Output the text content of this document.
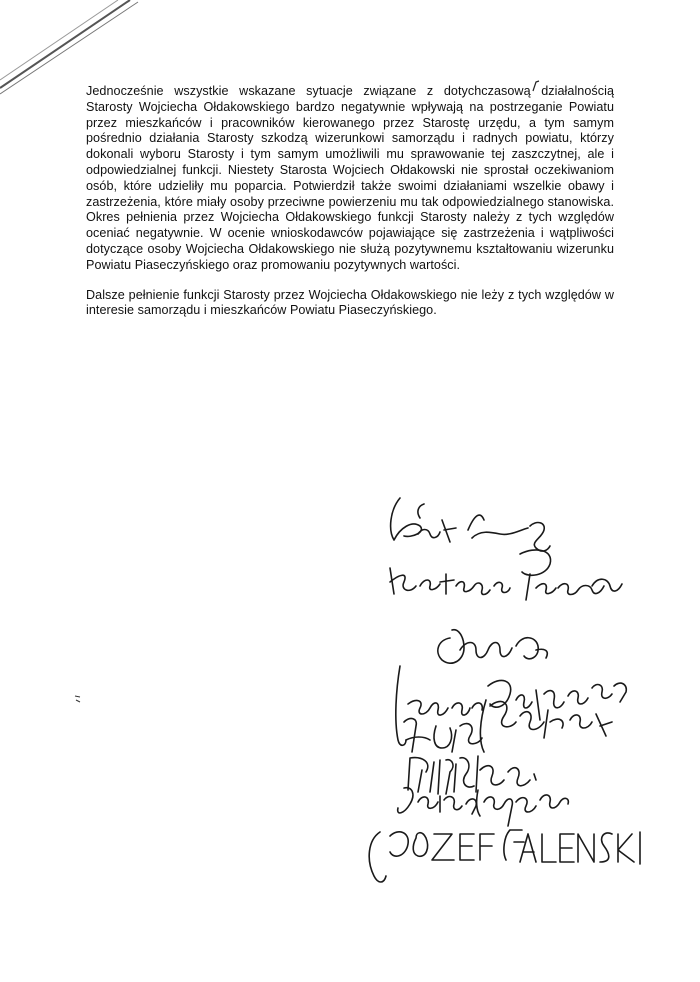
Jednocześnie wszystkie wskazane sytuacje związane z dotychczasową działalnością Starosty Wojciecha Ołdakowskiego bardzo negatywnie wpływają na postrzeganie Powiatu przez mieszkańców i pracowników kierowanego przez Starostę urzędu, a tym samym pośrednio działania Starosty szkodzą wizerunkowi samorządu i radnych powiatu, którzy dokonali wyboru Starosty i tym samym umożliwili mu sprawowanie tej zaszczytnej, ale i odpowiedzialnej funkcji. Niestety Starosta Wojciech Ołdakowski nie sprostał oczekiwaniom osób, które udzieliły mu poparcia. Potwierdził także swoimi działaniami wszelkie obawy i zastrzeżenia, które miały osoby przeciwne powierzeniu mu tak odpowiedzialnego stanowiska. Okres pełnienia przez Wojciecha Ołdakowskiego funkcji Starosty należy z tych względów oceniać negatywnie. W ocenie wnioskodawców pojawiające się zastrzeżenia i wątpliwości dotyczące osoby Wojciecha Ołdakowskiego nie służą pozytywnemu kształtowaniu wizerunku Powiatu Piaseczyńskiego oraz promowaniu pozytywnych wartości.

Dalsze pełnienie funkcji Starosty przez Wojciecha Ołdakowskiego nie leży z tych względów w interesie samorządu i mieszkańców Powiatu Piaseczyńskiego.
